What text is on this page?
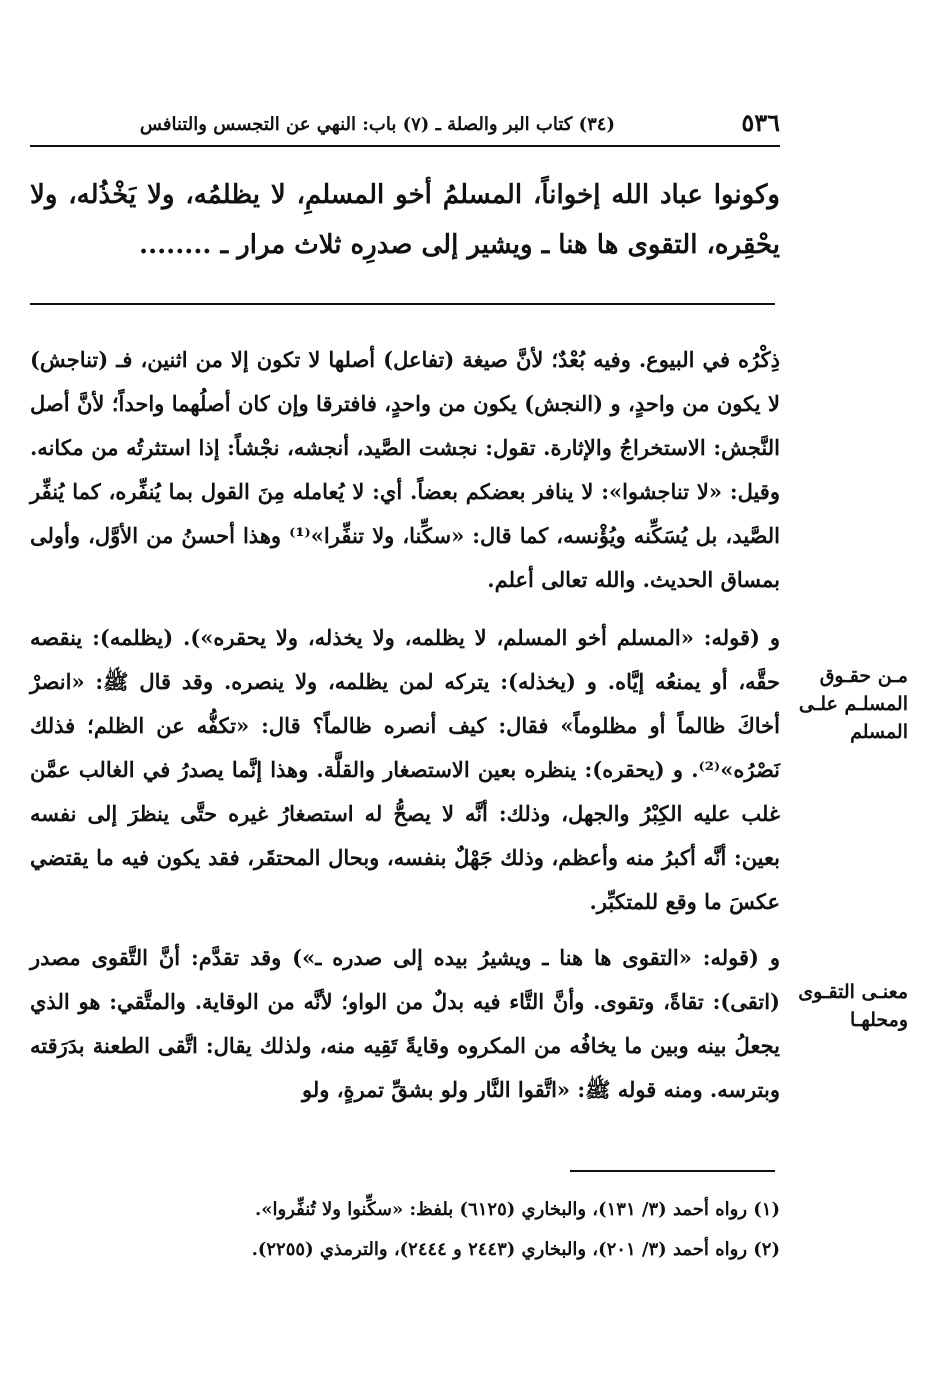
٥٣٦
(٣٤) كتاب البر والصلة ـ (٧) باب: النهي عن التجسس والتنافس
وكونوا عباد الله إخواناً، المسلمُ أخو المسلمِ، لا يظلمُه، ولا يَخْذُله، ولا يحْقِره، التقوى ها هنا ـ ويشير إلى صدرِه ثلاث مرار ـ ........

ذِكْرُه في البيوع. وفيه بُعْدٌ؛ لأنَّ صيغة (تفاعل) أصلها لا تكون إلا من اثنين، فـ (تناجش) لا يكون من واحدٍ، و (النجش) يكون من واحدٍ، فافترقا وإن كان أصلُهما واحداً؛ لأنَّ أصل النَّجش: الاستخراجُ والإثارة. تقول: نجشت الصَّيد، أنجشه، نجْشاً: إذا استثرتُه من مكانه. وقيل: «لا تناجشوا»: لا ينافر بعضكم بعضاً. أي: لا يُعامله مِنَ القول بما يُنفِّره، كما يُنفِّر الصَّيد، بل يُسَكِّنه ويُؤْنسه، كما قال: «سكِّنا، ولا تنفِّرا»⁽¹⁾ وهذا أحسنُ من الأوَّل، وأولى بمساق الحديث. والله تعالى أعلم.

و (قوله: «المسلم أخو المسلم، لا يظلمه، ولا يخذله، ولا يحقره»). (يظلمه): ينقصه حقَّه، أو يمنعُه إيَّاه. و (يخذله): يتركه لمن يظلمه، ولا ينصره. وقد قال ﷺ: «انصرْ أخاكَ ظالماً أو مظلوماً» فقال: كيف أنصره ظالماً؟ قال: «تكفُّه عن الظلم؛ فذلك نَصْرُه»⁽²⁾. و (يحقره): ينظره بعين الاستصغار والقلَّة. وهذا إنَّما يصدرُ في الغالب عمَّن غلب عليه الكِبْرُ والجهل، وذلك: أنَّه لا يصحُّ له استصغارُ غيره حتَّى ينظرَ إلى نفسه بعين: أنَّه أكبرُ منه وأعظم، وذلك جَهْلٌ بنفسه، وبحال المحتقَر، فقد يكون فيه ما يقتضي عكسَ ما وقع للمتكبِّر.

و (قوله: «التقوى ها هنا ـ ويشيرُ بيده إلى صدره ـ») وقد تقدَّم: أنَّ التَّقوى مصدر (اتقى): تقاةً، وتقوى. وأنَّ التَّاء فيه بدلٌ من الواو؛ لأنَّه من الوقاية. والمتَّقي: هو الذي يجعلُ بينه وبين ما يخافُه من المكروه وقايةً تَقِيه منه، ولذلك يقال: اتَّقى الطعنة بدَرَقته وبترسه. ومنه قوله ﷺ: «اتَّقوا النَّار ولو بشقِّ تمرةٍ، ولو

مـن حقـوق المسلـم علـى المسلم
معنـى التقـوى ومحلهـا
(١) رواه أحمد (٣/ ١٣١)، والبخاري (٦١٢٥) بلفظ: «سكِّنوا ولا تُنفِّروا».
(٢) رواه أحمد (٣/ ٢٠١)، والبخاري (٢٤٤٣ و ٢٤٤٤)، والترمذي (٢٢٥٥).
